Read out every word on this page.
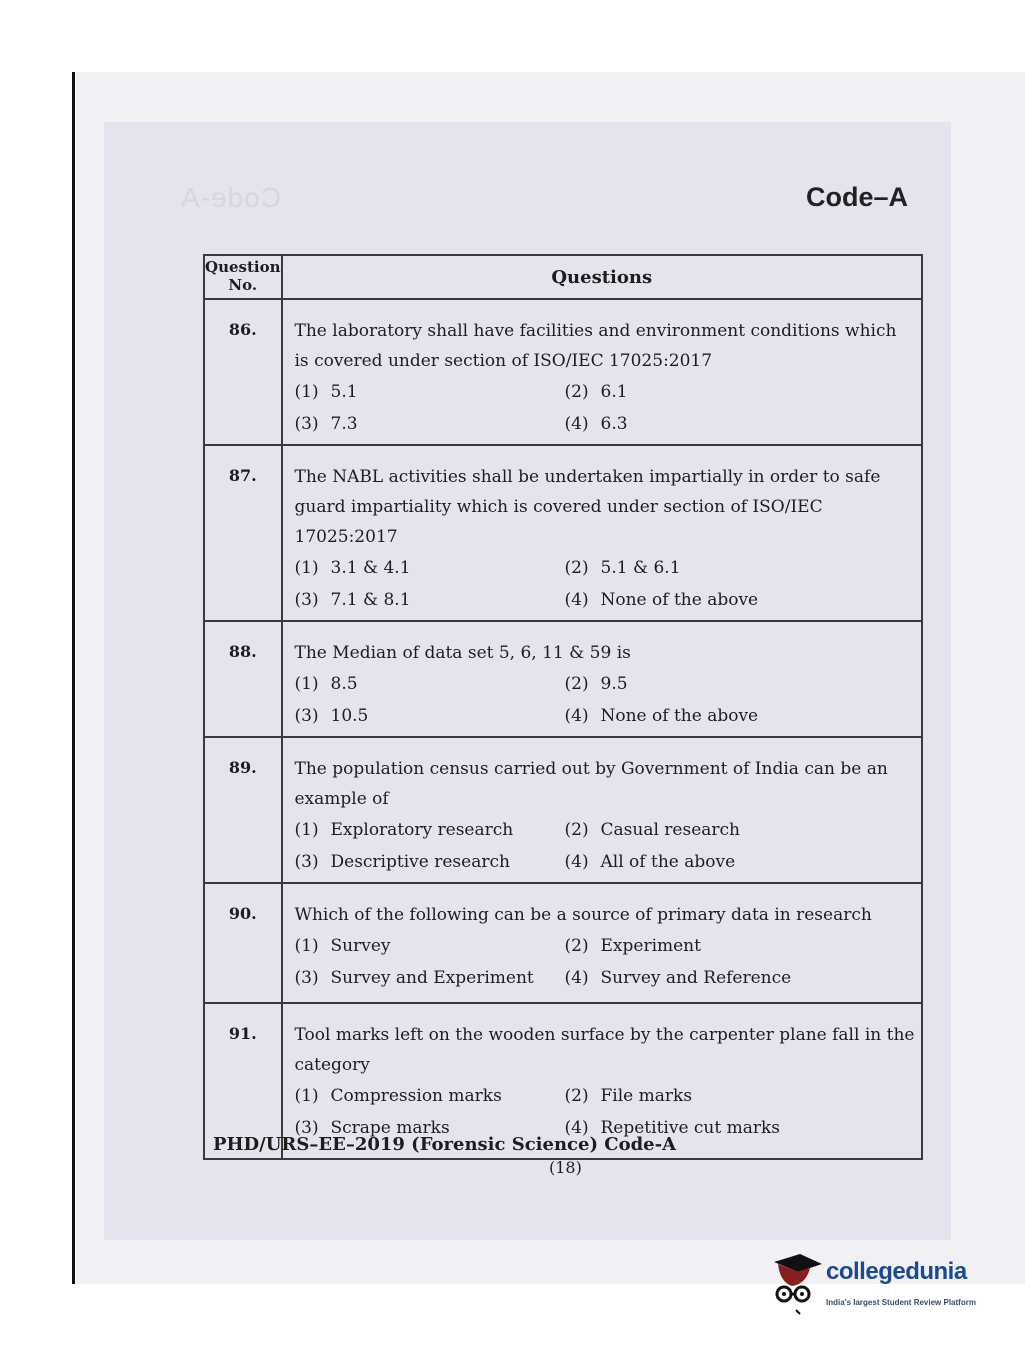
Code-A	Code–A
Question
No.	Questions
86.	The laboratory shall have facilities and environment conditions which is covered under section of ISO/IEC 17025:2017

(1) 5.1 (2) 6.1
(3) 7.3 (4) 6.3

87.	The NABL activities shall be undertaken impartially in order to safe guard impartiality which is covered under section of ISO/IEC 17025:2017

(1) 3.1 & 4.1 (2) 5.1 & 6.1
(3) 7.1 & 8.1 (4) None of the above

88.	The Median of data set 5, 6, 11 & 59 is

(1) 8.5 (2) 9.5
(3) 10.5 (4) None of the above

89.	The population census carried out by Government of India can be an example of

(1) Exploratory research (2) Casual research
(3) Descriptive research (4) All of the above

90.	Which of the following can be a source of primary data in research

(1) Survey (2) Experiment
(3) Survey and Experiment (4) Survey and Reference

91.	Tool marks left on the wooden surface by the carpenter plane fall in the category

(1) Compression marks (2) File marks
(3) Scrape marks (4) Repetitive cut marks
PHD/URS–EE–2019 (Forensic Science) Code-A
(18)
collegedunia
India's largest Student Review Platform
